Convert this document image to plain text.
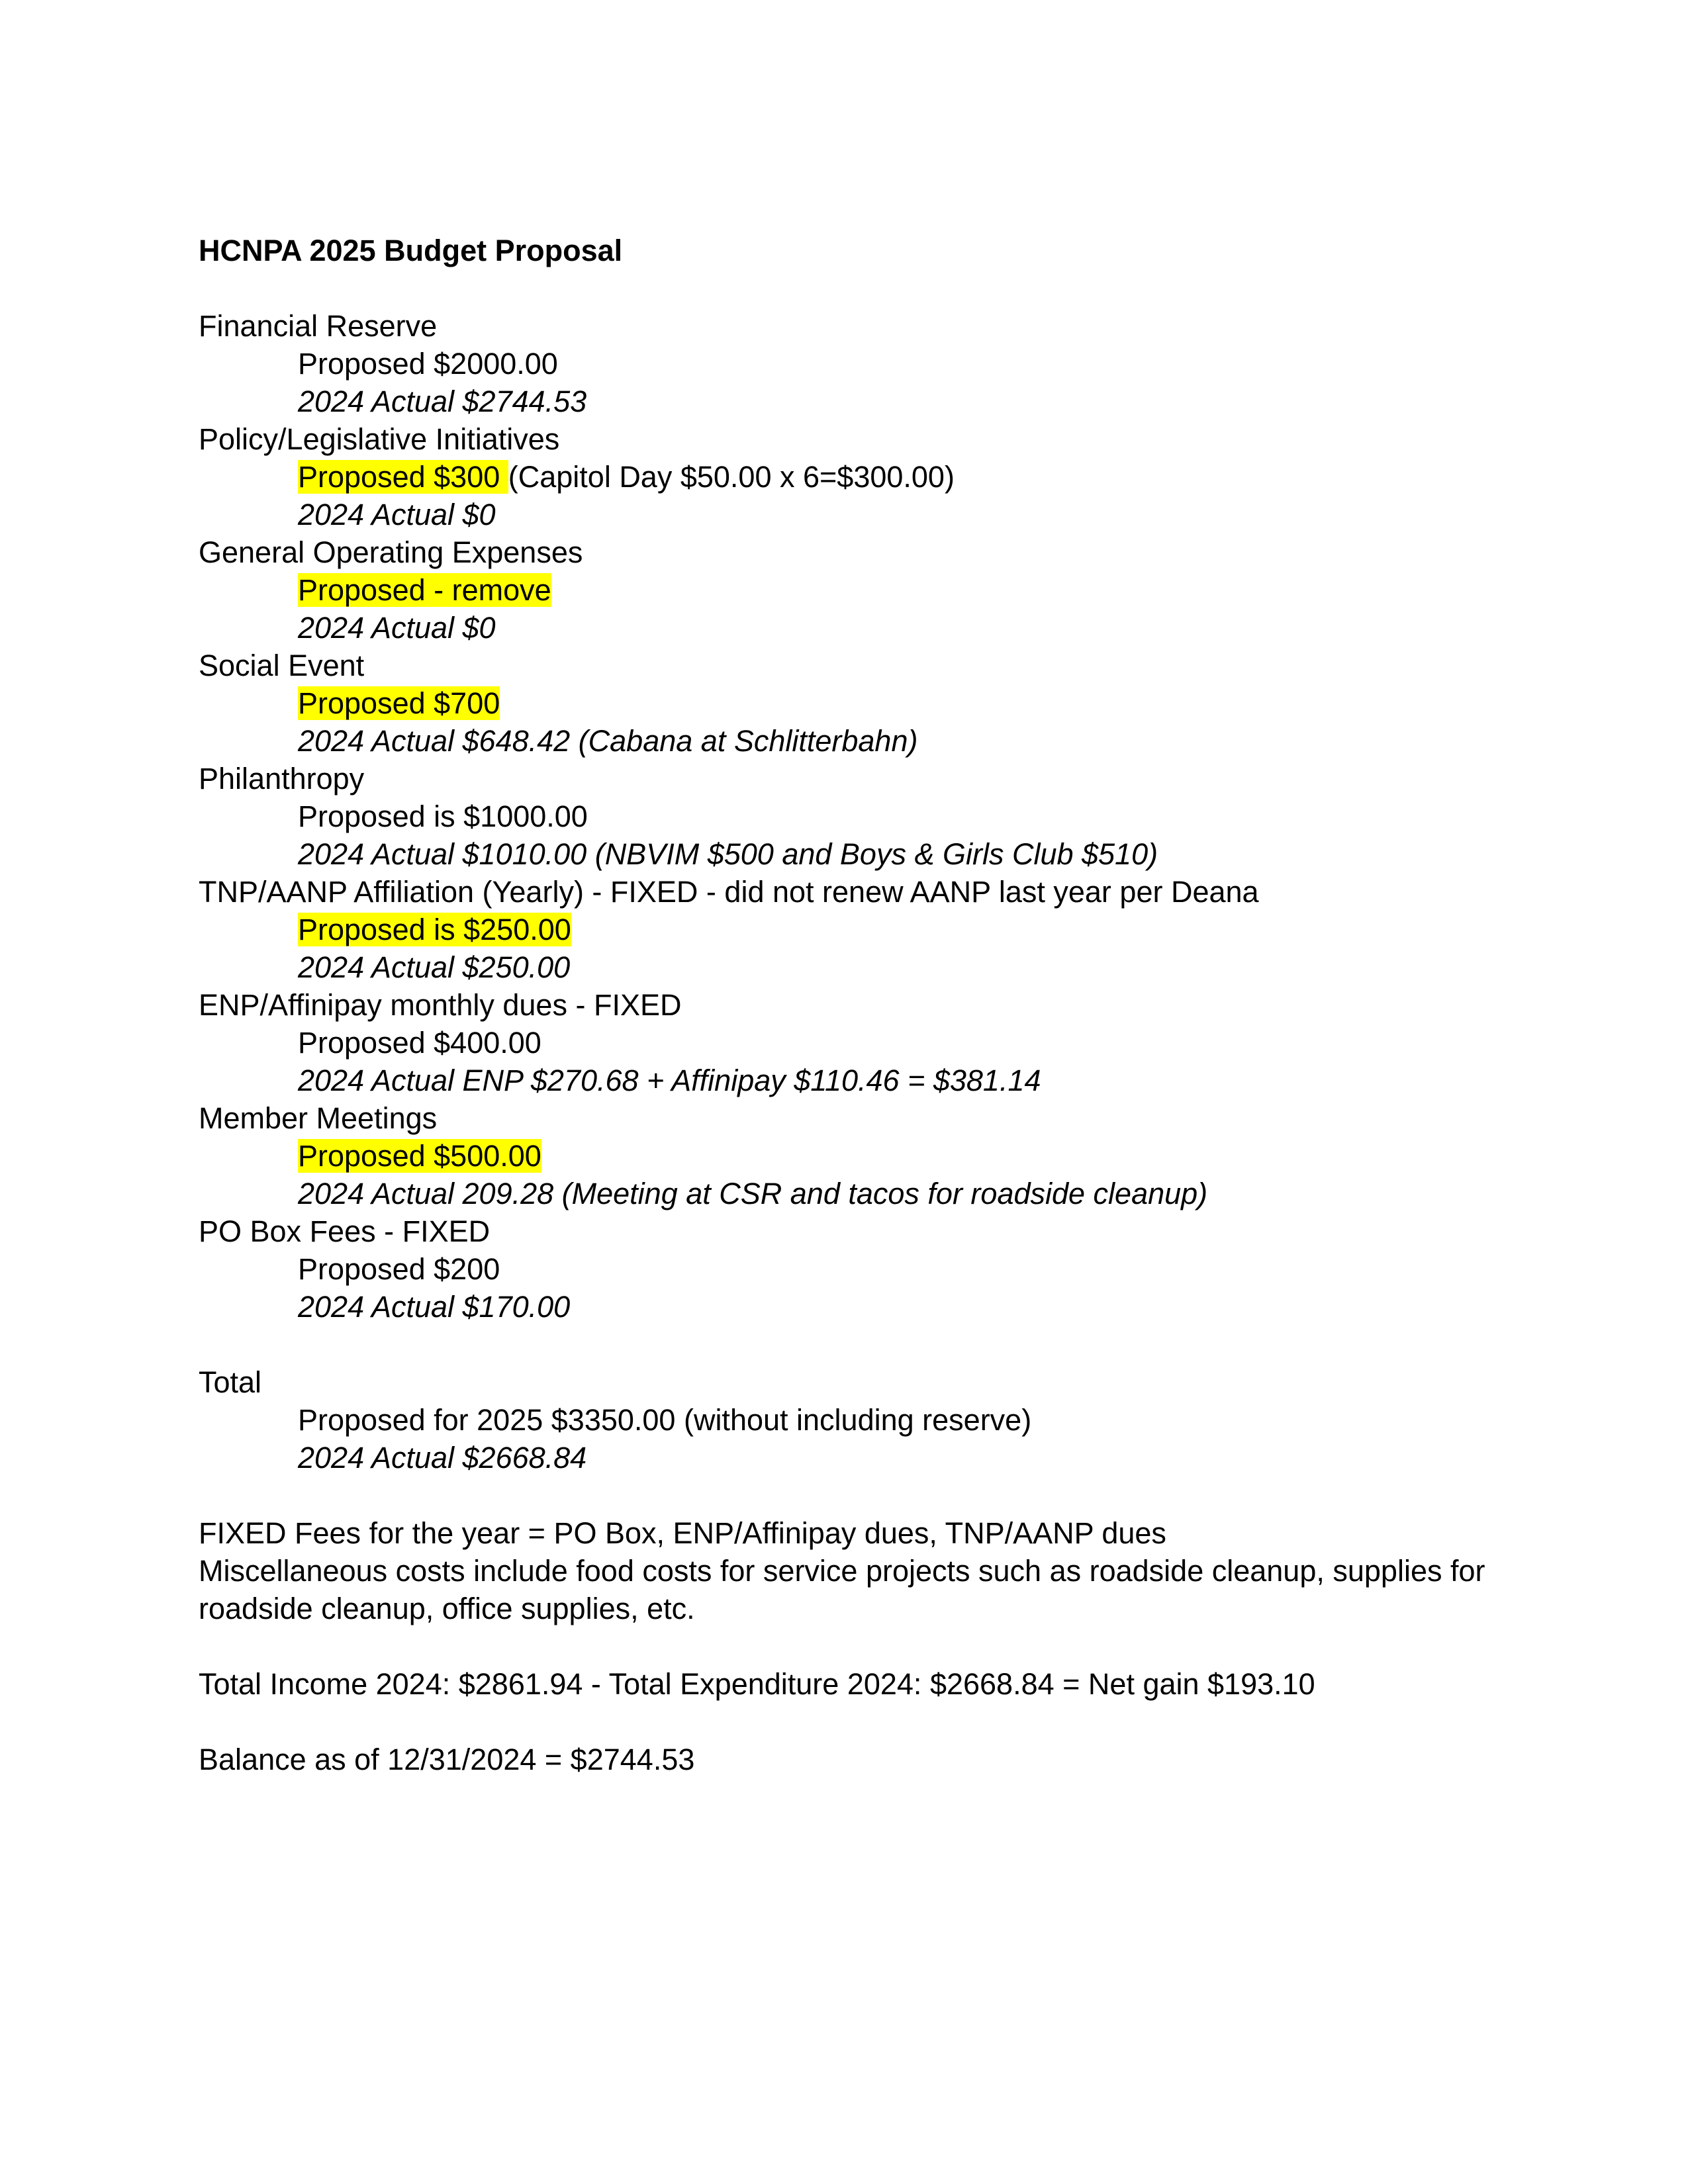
HCNPA 2025 Budget Proposal
Financial Reserve
Proposed $2000.00
2024 Actual $2744.53
Policy/Legislative Initiatives
Proposed $300 (Capitol Day $50.00 x 6=$300.00)
2024 Actual $0
General Operating Expenses
Proposed - remove
2024 Actual $0
Social Event
Proposed $700
2024 Actual $648.42 (Cabana at Schlitterbahn)
Philanthropy
Proposed is $1000.00
2024 Actual $1010.00 (NBVIM $500 and Boys & Girls Club $510)
TNP/AANP Affiliation (Yearly) - FIXED - did not renew AANP last year per Deana
Proposed is $250.00
2024 Actual $250.00
ENP/Affinipay monthly dues - FIXED
Proposed $400.00
2024 Actual ENP $270.68 + Affinipay $110.46 = $381.14
Member Meetings
Proposed $500.00
2024 Actual 209.28 (Meeting at CSR and tacos for roadside cleanup)
PO Box Fees - FIXED
Proposed $200
2024 Actual $170.00
Total
Proposed for 2025 $3350.00 (without including reserve)
2024 Actual $2668.84
FIXED Fees for the year = PO Box, ENP/Affinipay dues, TNP/AANP dues
Miscellaneous costs include food costs for service projects such as roadside cleanup, supplies for roadside cleanup, office supplies, etc.
Total Income 2024: $2861.94 - Total Expenditure 2024: $2668.84 = Net gain $193.10
Balance as of 12/31/2024 = $2744.53
